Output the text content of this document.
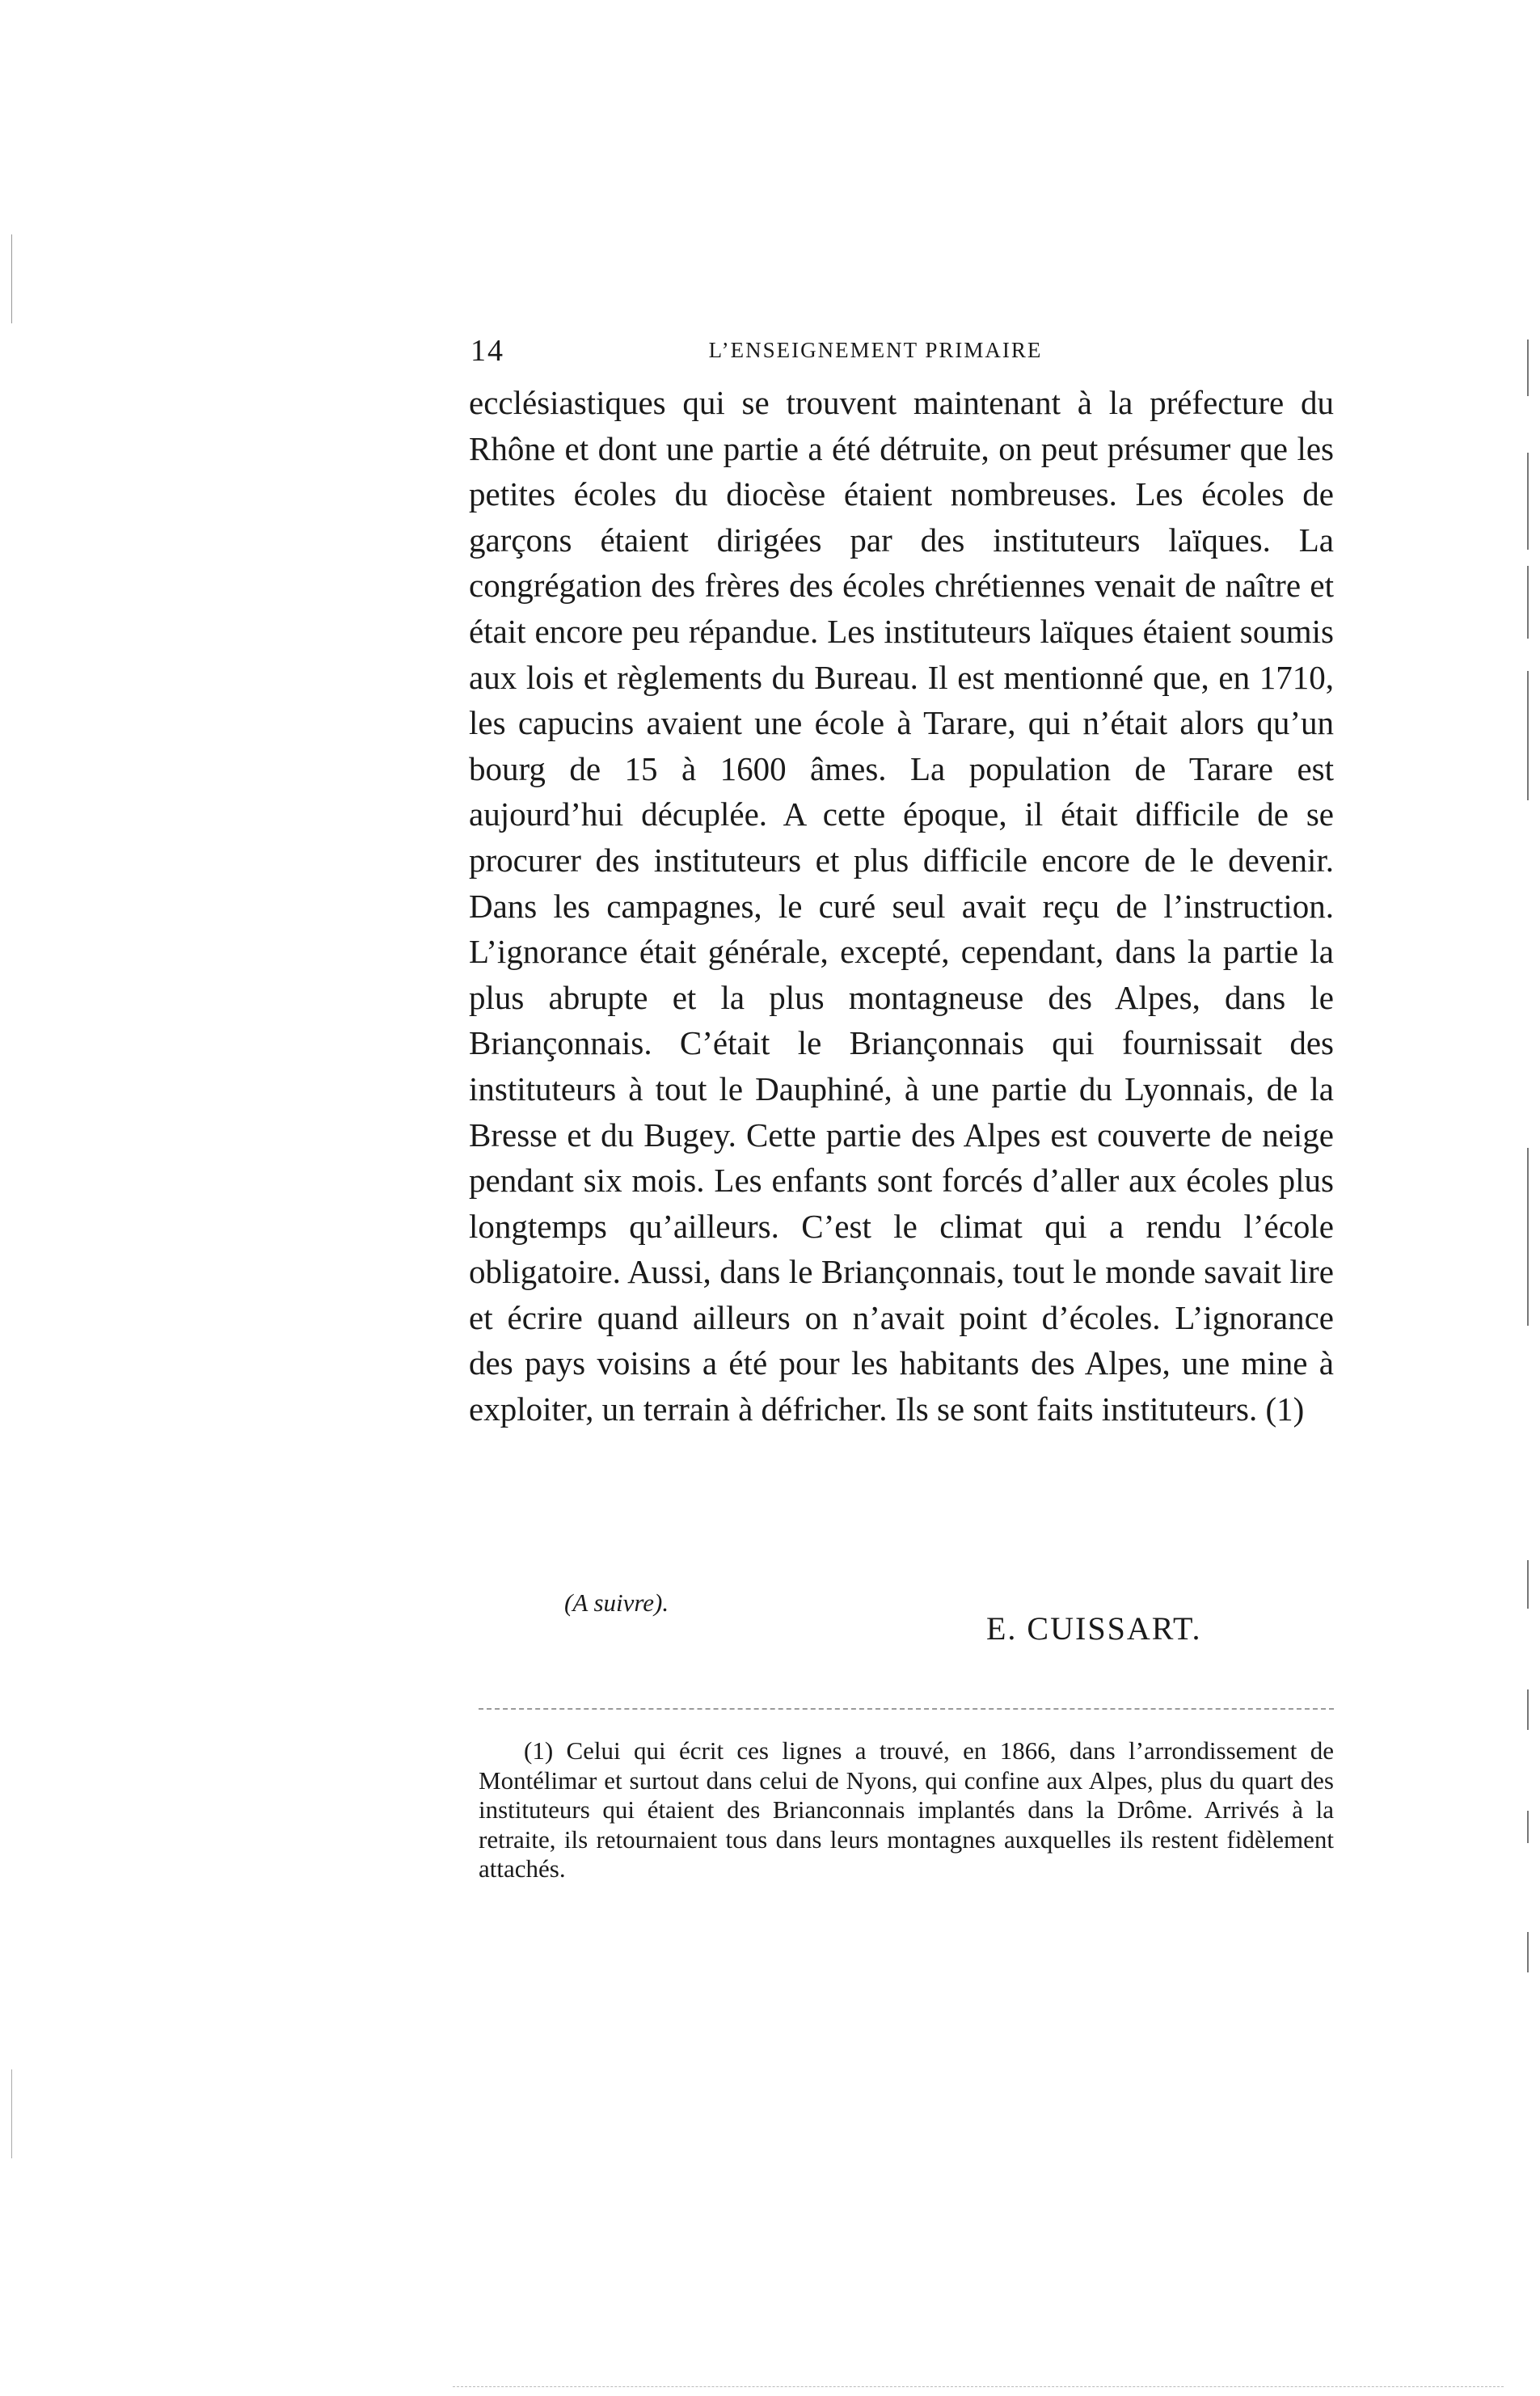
14	L’ENSEIGNEMENT PRIMAIRE

ecclésiastiques qui se trouvent maintenant à la préfecture du Rhône et dont une partie a été détruite, on peut présumer que les petites écoles du diocèse étaient nombreuses. Les écoles de garçons étaient dirigées par des instituteurs laïques. La congrégation des frères des écoles chrétiennes venait de naître et était encore peu répandue. Les instituteurs laïques étaient soumis aux lois et règlements du Bureau. Il est mentionné que, en 1710, les capucins avaient une école à Tarare, qui n’était alors qu’un bourg de 15 à 1600 âmes. La population de Tarare est aujourd’hui décuplée. A cette époque, il était difficile de se procurer des instituteurs et plus difficile encore de le devenir. Dans les campagnes, le curé seul avait reçu de l’instruction. L’ignorance était générale, excepté, cependant, dans la partie la plus abrupte et la plus montagneuse des Alpes, dans le Briançonnais. C’était le Briançonnais qui fournissait des instituteurs à tout le Dauphiné, à une partie du Lyonnais, de la Bresse et du Bugey. Cette partie des Alpes est couverte de neige pendant six mois. Les enfants sont forcés d’aller aux écoles plus longtemps qu’ailleurs. C’est le climat qui a rendu l’école obligatoire. Aussi, dans le Briançonnais, tout le monde savait lire et écrire quand ailleurs on n’avait point d’écoles. L’ignorance des pays voisins a été pour les habitants des Alpes, une mine à exploiter, un terrain à défricher. Ils se sont faits instituteurs. (1)

(A suivre).
E. CUISSART.

(1) Celui qui écrit ces lignes a trouvé, en 1866, dans l’arrondissement de Montélimar et surtout dans celui de Nyons, qui confine aux Alpes, plus du quart des instituteurs qui étaient des Brianconnais implantés dans la Drôme. Arrivés à la retraite, ils retournaient tous dans leurs montagnes auxquelles ils restent fidèlement attachés.
